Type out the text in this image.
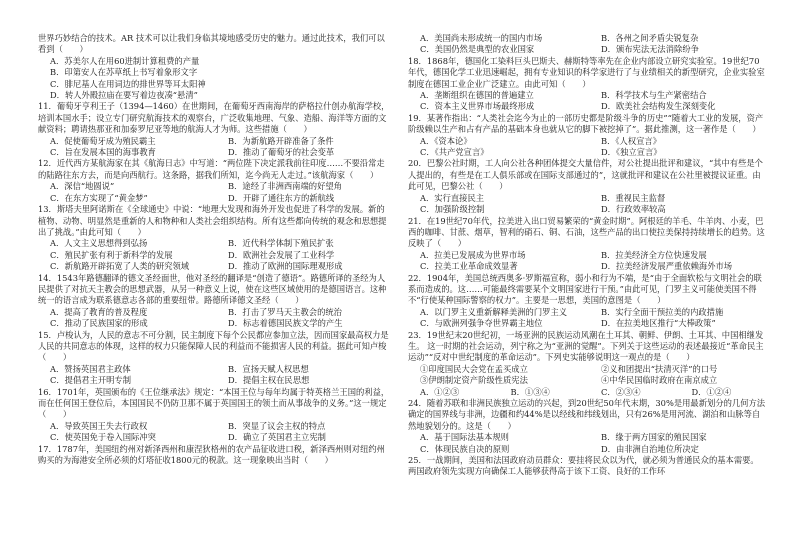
世界巧妙结合的技术。AR 技术可以让我们身临其境地感受历史的魅力。通过此技术，我们可以看到（　　）
A．苏美尔人在用60进制计算租费的产量
B．印第安人在苏草纸上书写着象形文字
C．腓尼基人在用词边的排世界等耳太阳神
D．转人外殿拉庙在要写着边夜凑“悬清”
11．葡萄牙亨利王子（1394—1460）在世期间，在葡萄牙西南海岸的萨格拉什创办航海学校，培训本国水手；设立专门研究航海技术的观察台，广泛收集地理、气象、造船、海洋等方面的文献资料；聘请热那亚和加泰罗尼亚等地的航海人才为师。这些措施（　　）
A．促使葡萄牙成为殖民霸主	B．为新航路开辟准备了条件
C．旨在发展本国的海事教育	D．推动了葡萄牙的社会变革
12．近代西方某航海家在其《航海日志》中写道：“两位陛下决定派我前往印度……不要沿常走的陆路往东方去，而是向西航行。这条路，据我们所知，迄今尚无人走过。”该航海家（　　）
A．深信“地圆说”	B．途经了非洲西南端的好望角
C．在东方实现了“黄金梦”	D．开辟了通往东方的新航线
13．斯塔夫里阿诺斯在《全球通史》中说：“地理大发现和海外开发也促进了科学的发展。新的植物、动物、明显然是重新的人和物种和人类社会组织结构。所有这些都向传统的观念和思想提出了挑战。”由此可知（　　）
A．人文主义思想得到弘扬	B．近代科学体制下殖民扩张
C．殖民扩张有利于新科学的发展	D．欧洲社会发展了工业科学
C．新航路开辟拓宽了人类的研究领域	D．推动了欧洲的国际理观形成
14．1543年路德翻译的德文圣经面世，他对圣经的翻译是“创造了德语”。路德所译的圣经为人民提供了对抗天主教会的思想武器，从另一种意义上说，使在这些区域使用的是德国语言。这种统一的语言成为联系德意志各部的重要纽带。路德所译德文圣经（　　）
A．提高了教育的普及程度	B．打击了罗马天主教会的统治
C．推动了民族国家的形成	D．标志着德国民族文学的产生
15．卢梭认为，人民的意志不可分割，民主制度下每个公民都应参加立法，因而国家最高权力是人民的共同意志的体现，这样的权力只能保障人民的利益而不能损害人民的利益。据此可知卢梭（　　）
A．赞扬英国君主政体	B．宣扬天赋人权思想
C．提倡君主开明专制	D．提倡主权在民思想
16．1701年，英国颁布的《王位继承法》规定：“本国王位与每年均属于特英格兰王国的利益，而在任何国王登位后，本国国民不仍防卫那不属于英国国王的领土而从事战争的义务。”这一规定（　　）
A．导致英国王失去行政权	B．突显了议会主权的特点
C．使英国免于卷入国际冲突	D．确立了英国君主立宪制
17．1787年，美国纽约州对新泽西州和康涅狄格州的农产品征收进口税，新泽西州则对纽约州购买的为海港安全所必须的灯塔征收1800元的税款。这一现象映出当时（　　）
A．美国尚未形成统一的国内市场	B．各州之间矛盾尖锐复杂
C．美国仍然是典型的农业国家	D．颁布宪法无法消除纷争
18．1868年，德国化工染料巨头巴斯夫、赫斯特等率先在企业内部设立研究实验室。19世纪70年代，德国化学工业迅速崛起，拥有专业知识的科学家进行了与业绩相关的新型研究，企业实验室制度在德国工业企业广泛建立。由此可知（　　）
A．垄断组织在德国的普遍建立	B．科学技术与生产紧密结合
C．资本主义世界市场最终形成	D．欧美社会结构发生深刻变化
19．某著作指出：“人类社会迄今为止的一部历史都是阶级斗争的历史”“随着大工业的发展，资产阶级赖以生产和占有产品的基础本身也就从它的脚下被挖掉了”。据此推测，这一著作是（　　）
A．《资本论》	B．《人权宣言》
C．《共产党宣言》	D．《独立宣言》
20．巴黎公社时期，工人向公社各种团体提交大量信件，对公社提出批评和建议，“其中有些是个人提出的，有些是在工人俱乐部或在国际支部通过的”，这就批评和建议在公社里被提议证重。由此可见，巴黎公社（　　）
A．实行直接民主	B．重视民主监督
C．加强阶级控制	D．行政效率较高
21．在19世纪70年代，拉美进入出口贸易繁荣的“黄金时期”。阿根廷的羊毛、牛羊肉、小麦，巴西的咖啡、甘蔗、烟草，智利的硝石、铜、石油，这些产品的出口使拉美保持持续增长的趋势。这反映了（　　）
A．拉美已发展成为世界市场	B．拉美经济全方位快速发展
C．拉美工业革命成效显著	D．拉美经济发展严重依赖海外市场
22．1904年，美国总统西奥多·罗斯福宣称，弱小和行为不端，是“由于全面软松与文明社会的联系而造成的。这……可能最终需要某个文明国家进行干预。”由此可见，门罗主义可能使美国不得不“行使某种国际警察的权力”。主要是一思想，美国的意图是（　　）
A．以门罗主义重新解释美洲的门罗主义	B．实行全面干预拉美的内政措施
C．与欧洲列强争夺世界霸主地位	D．在拉美地区推行“大棒政策”
23．19世纪末20世纪初，一场亚洲的民族运动风潮在土耳其、朝鲜、伊朗、土耳其、中国相继发生。 这一时期的社会运动，列宁称之为“亚洲的觉醒”。下列关于这些运动的表述最接近“革命民主运动”“反对中世纪制度的革命运动”。下列史实能够说明这一观点的是（　　）
①印度国民大会党在孟买成立	②义和团提出“扶清灭洋”的口号
③伊朗制定资产阶级性质宪法	④中华民国临时政府在南京成立
A．①②③	B．①③④	C．②③④	D．①②④
24．随着苏联和非洲民族独立运动的兴起，到20世纪50年代末期，30%是用最新划分的几何方法确定的国界线与非洲，边疆和约44%是以经线和纬线划出，只有26%是用河流、湖泊和山脉等自然地貌划分的。这是（　　）
A．基于国际法基本规则	B．缘于两方国家的殖民国家
C．体现民族自决的原则	D．由非洲自治地位所决定
25．一战期间，美国和法国政府动员群众：要挂将民众以为代，就必须为普通民众的基本需要。两国政府领先实现方向确保工人能够获得高于该下工资、良好的工作环
